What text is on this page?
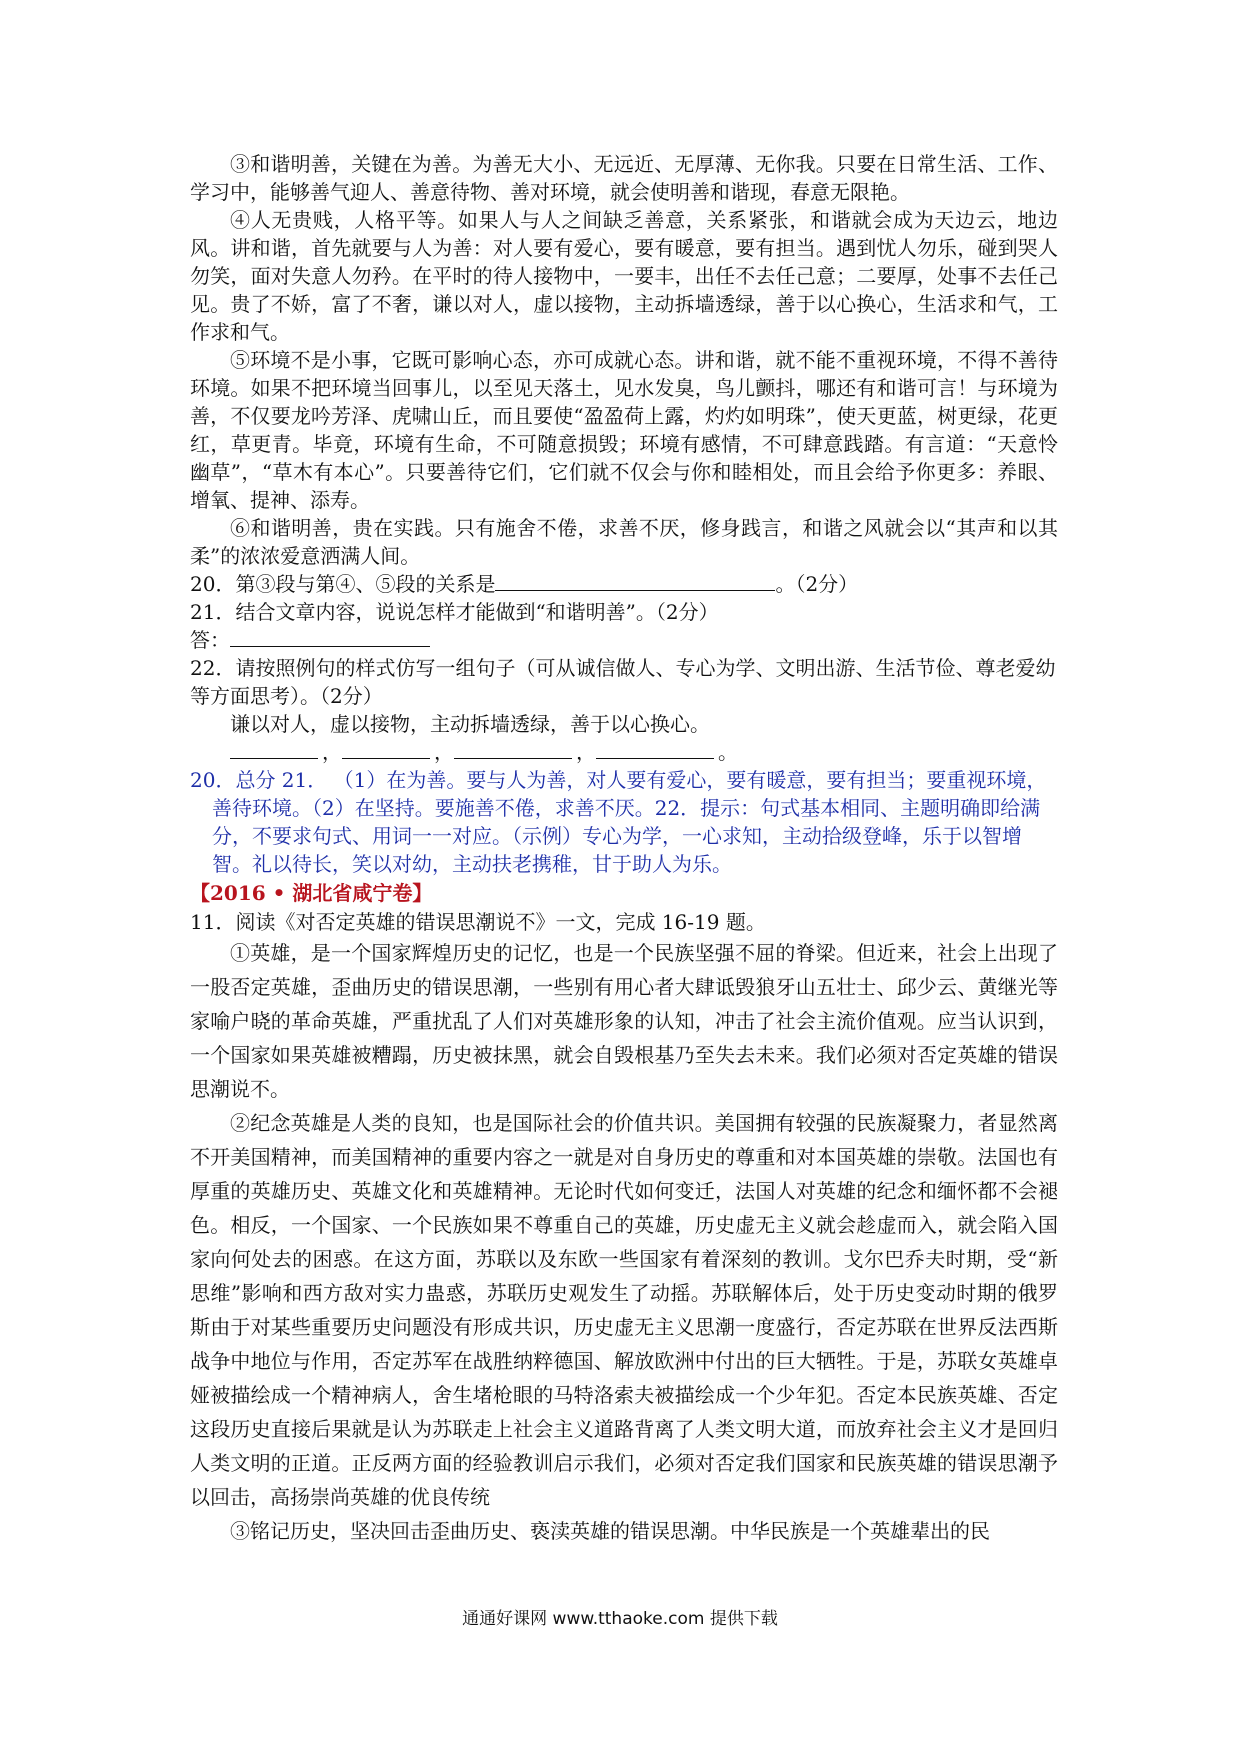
③和谐明善，关键在为善。为善无大小、无远近、无厚薄、无你我。只要在日常生活、工作、学习中，能够善气迎人、善意待物、善对环境，就会使明善和谐现，春意无限艳。

④人无贵贱，人格平等。如果人与人之间缺乏善意，关系紧张，和谐就会成为天边云，地边风。讲和谐，首先就要与人为善：对人要有爱心，要有暖意，要有担当。遇到忧人勿乐，碰到哭人勿笑，面对失意人勿矜。在平时的待人接物中，一要丰，出任不去任己意；二要厚，处事不去任己见。贵了不娇，富了不奢，谦以对人，虚以接物，主动拆墙透绿，善于以心换心，生活求和气，工作求和气。

⑤环境不是小事，它既可影响心态，亦可成就心态。讲和谐，就不能不重视环境，不得不善待环境。如果不把环境当回事儿，以至见天落土，见水发臭，鸟儿颤抖，哪还有和谐可言！与环境为善，不仅要龙吟芳泽、虎啸山丘，而且要使“盈盈荷上露，灼灼如明珠”，使天更蓝，树更绿，花更红，草更青。毕竟，环境有生命，不可随意损毁；环境有感情，不可肆意践踏。有言道：“天意怜幽草”，“草木有本心”。只要善待它们，它们就不仅会与你和睦相处，而且会给予你更多：养眼、增氧、提神、添寿。

⑥和谐明善，贵在实践。只有施舍不倦，求善不厌，修身践言，和谐之风就会以“其声和以其柔”的浓浓爱意洒满人间。

20．第③段与第④、⑤段的关系是	。（2分）

21．结合文章内容，说说怎样才能做到“和谐明善”。（2分）

答：

22．请按照例句的样式仿写一组句子（可从诚信做人、专心为学、文明出游、生活节俭、尊老爱幼等方面思考）。（2分）

谦以对人，虚以接物，主动拆墙透绿，善于以心换心。

，	，	，	。

20．总分 21． （1）在为善。要与人为善，对人要有爱心，要有暖意，要有担当；要重视环境，善待环境。（2）在坚持。要施善不倦，求善不厌。22．提示：句式基本相同、主题明确即给满分，不要求句式、用词一一对应。（示例）专心为学，一心求知，主动拾级登峰，乐于以智增智。礼以待长，笑以对幼，主动扶老携稚，甘于助人为乐。

【2016 • 湖北省咸宁卷】

11．阅读《对否定英雄的错误思潮说不》一文，完成 16-19 题。

①英雄，是一个国家辉煌历史的记忆，也是一个民族坚强不屈的脊梁。但近来，社会上出现了一股否定英雄，歪曲历史的错误思潮，一些别有用心者大肆诋毁狼牙山五壮士、邱少云、黄继光等家喻户晓的革命英雄，严重扰乱了人们对英雄形象的认知，冲击了社会主流价值观。应当认识到，一个国家如果英雄被糟蹋，历史被抹黑，就会自毁根基乃至失去未来。我们必须对否定英雄的错误思潮说不。

②纪念英雄是人类的良知，也是国际社会的价值共识。美国拥有较强的民族凝聚力，者显然离不开美国精神，而美国精神的重要内容之一就是对自身历史的尊重和对本国英雄的崇敬。法国也有厚重的英雄历史、英雄文化和英雄精神。无论时代如何变迁，法国人对英雄的纪念和缅怀都不会褪色。相反，一个国家、一个民族如果不尊重自己的英雄，历史虚无主义就会趁虚而入，就会陷入国家向何处去的困惑。在这方面，苏联以及东欧一些国家有着深刻的教训。戈尔巴乔夫时期，受“新思维”影响和西方敌对实力蛊惑，苏联历史观发生了动摇。苏联解体后，处于历史变动时期的俄罗斯由于对某些重要历史问题没有形成共识，历史虚无主义思潮一度盛行，否定苏联在世界反法西斯战争中地位与作用，否定苏军在战胜纳粹德国、解放欧洲中付出的巨大牺牲。于是，苏联女英雄卓娅被描绘成一个精神病人，舍生堵枪眼的马特洛索夫被描绘成一个少年犯。否定本民族英雄、否定这段历史直接后果就是认为苏联走上社会主义道路背离了人类文明大道，而放弃社会主义才是回归人类文明的正道。正反两方面的经验教训启示我们，必须对否定我们国家和民族英雄的错误思潮予以回击，高扬崇尚英雄的优良传统

③铭记历史，坚决回击歪曲历史、亵渎英雄的错误思潮。中华民族是一个英雄辈出的民

通通好课网 www.tthaoke.com 提供下载
